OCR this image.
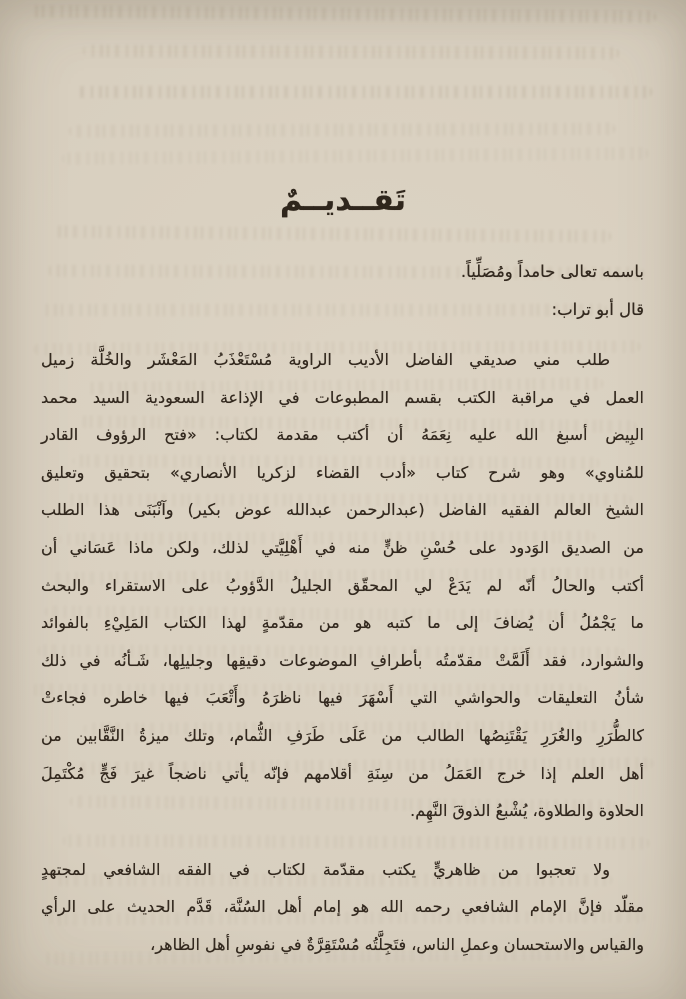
تَقــديــمٌ
باسمه تعالى حامداً ومُصَلِّياً.
قال أبو تراب:
طلب مني صديقي الفاضل الأديب الراوية مُسْتَعْذَبُ المَعْشَر والخُلَّة زميل
العمل في مراقبة الكتب بقسم المطبوعات في الإذاعة السعودية السيد محمد
البِيض أسبغ الله عليه نِعَمَهُ أن أكتب مقدمة لكتاب: «فتح الرؤوف القادر
للمُناوي» وهو شرح كتاب «أدب القضاء لزكريا الأنصاري» بتحقيق وتعليق
الشيخ العالم الفقيه الفاضل (عبدالرحمن عبدالله عوض بكير) وآنْبَنَى هذا الطلب
من الصديق الوَدود على حُسْنِ ظنٍّ منه في أَهْلِيَّتي لذلك، ولكن ماذا عَسَاني أن
أكتب والحالُ أنّه لم يَدَعْ لي المحقّق الجليلُ الدَّؤوبُ على الاستقراء والبحث
ما يَجْمُلُ أن يُضافَ إلى ما كتبه هو من مقدّمةٍ لهذا الكتاب المَلِيْءِ بالفوائد
والشوارد، فقد أَلَمَّتْ مقدّمتُه بأطرافِ الموضوعات دقيقِها وجليلِها، شَـأنُه في ذلك
شأنُ التعليقات والحواشي التي أَسْهَرَ فيها ناظرَهُ وأَتْعَبَ فيها خاطره فجاءتْ
كالطُّرَرِ والغُرَرِ يَقْتَنِصُها الطالب من عَلَى طَرَفِ الثُّمام، وتلك ميزةُ النَّقَّابين من
أهل العلم إذا خرج العَمَلُ من سِنَةِ أقلامهم فإنّه يأتي ناضجاً غيرَ فَجٍّ مُكْتَمِلَ
الحلاوة والطلاوة، يُشْبعُ الذوقَ النَّهِم.
ولا تعجبوا من ظاهريٍّ يكتب مقدّمة لكتاب في الفقه الشافعي لمجتهدٍ
مقلّد فإنَّ الإمام الشافعي رحمه الله هو إمام أهل السُنَّة، قَدَّم الحديث على الرأي
والقياس والاستحسان وعملِ الناس، فتَجِلَّتُه مُسْتَقِرَّةٌ في نفوسِ أهل الظاهر،
